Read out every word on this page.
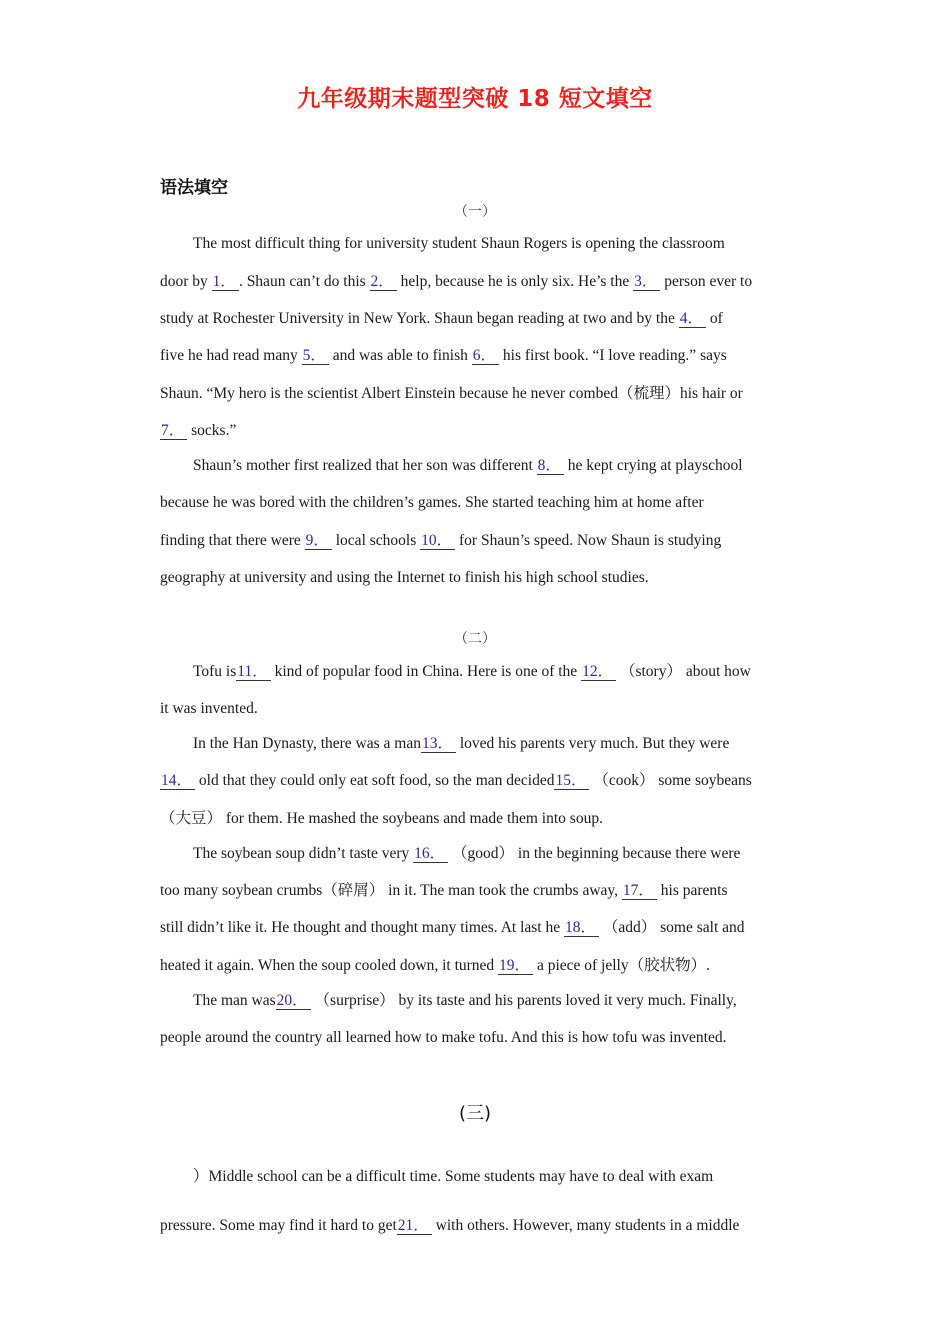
九年级期末题型突破 18 短文填空
语法填空
（一）
The most difficult thing for university student Shaun Rogers is opening the classroom
door by 1． . Shaun can’t do this 2． help, because he is only six. He’s the 3． person ever to
study at Rochester University in New York. Shaun began reading at two and by the 4． of
five he had read many 5． and was able to finish 6． his first book. “I love reading.” says
Shaun. “My hero is the scientist Albert Einstein because he never combed（梳理）his hair or
7． socks.”
Shaun’s mother first realized that her son was different 8． he kept crying at playschool
because he was bored with the children’s games. She started teaching him at home after
finding that there were 9． local schools 10． for Shaun’s speed. Now Shaun is studying
geography at university and using the Internet to finish his high school studies.
（二）
Tofu is11． kind of popular food in China. Here is one of the 12． （story） about how
it was invented.
In the Han Dynasty, there was a man13． loved his parents very much. But they were
14． old that they could only eat soft food, so the man decided15． （cook） some soybeans
（大豆） for them. He mashed the soybeans and made them into soup.
The soybean soup didn’t taste very 16． （good） in the beginning because there were
too many soybean crumbs（碎屑） in it. The man took the crumbs away, 17． his parents
still didn’t like it. He thought and thought many times. At last he 18． （add） some salt and
heated it again. When the soup cooled down, it turned 19． a piece of jelly（胶状物）.
The man was20． （surprise） by its taste and his parents loved it very much. Finally,
people around the country all learned how to make tofu. And this is how tofu was invented.
(三)
）Middle school can be a difficult time. Some students may have to deal with exam
pressure. Some may find it hard to get21． with others. However, many students in a middle
